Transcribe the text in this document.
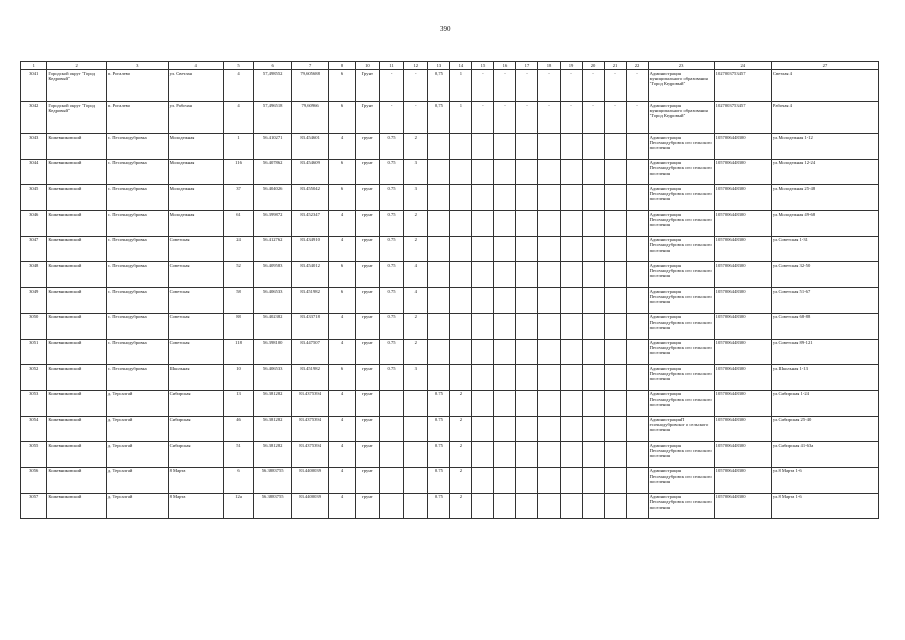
390
1	2	3	4	5	6	7	8	10	11	12	13	14	15	16	17	18	19	20	21	22	23	24	27
3041	Городской округ "Город Кедровый"	п. Рогалево	ул. Светлая	4	57,498552	79,605688	6	Грунт	-	-	0,75	1	-	-	-	-	-	-	-	-	Администрация муниципального образования "Город Кедровый"	1027003753457	Светлая 4
3042	Городской округ "Город Кедровый"	п. Рогалево	ул. Рабочая	4	57,496518	79,60966	6	Грунт	-	-	0,75	1	-	-	-	-	-	-	-	-	Администрация муниципального образования "Город Кедровый"	1027003753457	Рабочая 4
3043	Кожевниковский	с. Песочнодубровка	Молодежная	1	56.410271	83.454601	4	грунт	0.75	2											Администрация Песочнодубровск ого сельского поселения	1057006448300	ул.Молодежная 1-12
3044	Кожевниковский	с. Песочнодубровка	Молодежная	116	56.407862	83.454609	6	грунт	0.75	3											Администрация Песочнодубровск ого сельского поселения	1057006448300	ул.Молодежная 12-24
3045	Кожевниковский	с. Песочнодубровка	Молодежная	37	56.404026	83.455042	6	грунт	0.75	3											Администрация Песочнодубровск ого сельского поселения	1057006448300	ул.Молодежная 25-48
3046	Кожевниковский	с. Песочнодубровка	Молодежная	61	56.399872	83.452347	4	грунт	0.75	2											Администрация Песочнодубровск ого сельского поселения	1057006448300	ул.Молодежная 49-68
3047	Кожевниковский	с. Песочнодубровка	Советская	24	56.412762	83.434910	4	грунт	0.75	2											Администрация Песочнодубровск ого сельского поселения	1057006448300	ул.Советская 1-31
3048	Кожевниковский	с. Песочнодубровка	Советская	52	56.409583	83.454012	6	грунт	0.75	4											Администрация Песочнодубровск ого сельского поселения	1057006448300	ул.Советская 32-50
3049	Кожевниковский	с. Песочнодубровка	Советская	58	56.406533	83.451982	6	грунт	0.75	4											Администрация Песочнодубровск ого сельского поселения	1057006448300	ул.Советская 51-67
3050	Кожевниковский	с. Песочнодубровка	Советская	88	56.402382	83.433718	4	грунт	0.75	2											Администрация Песочнодубровск ого сельского поселения	1057006448300	ул.Советская 68-88
3051	Кожевниковский	с. Песочнодубровка	Советская	118	56.398100	83.447507	4	грунт	0.75	2											Администрация Песочнодубровск ого сельского поселения	1057006448300	ул.Советская 89-121
3052	Кожевниковский	с. Песочнодубровка	Школьная	10	56.406533	83.451982	6	грунт	0.75	3											Администрация Песочнодубровск ого сельского поселения	1057006448300	ул.Школьная 1-13
3053	Кожевниковский	д. Терсалгай	Сибирская	13	56.381282	83.4375394	4	грунт			0.75	2									Администрация Песочнодубровск ого сельского поселения	1057006448300	ул.Сибирская 1-24
3054	Кожевниковский	д. Терсалгай	Сибирская	46	56.381282	83.4375394	4	грунт			0.75	2									АдминистрацияП есочнодубровског о сельского поселения	1057006448300	ул.Сибирская 25-40
3055	Кожевниковский	д. Терсалгай	Сибирская	51	56.381282	83.4375394	4	грунт			0.75	2									Администрация Песочнодубровск ого сельского поселения	1057006448300	ул.Сибирская 41-63а
3056	Кожевниковский	д. Терсалгай	8 Марта	6	56.3883755	83.4400039	4	грунт			0.75	2									Администрация Песочнодубровск ого сельского поселения	1057006448300	ул.8 Марта 1-6
3057	Кожевниковский	д. Терсалгай	8 Марта	12а	56.3883755	83.4400039	4	грунт			0.75	2									Администрация Песочнодубровск ого сельского поселения	1057006448300	ул.8 Марта 1-6
